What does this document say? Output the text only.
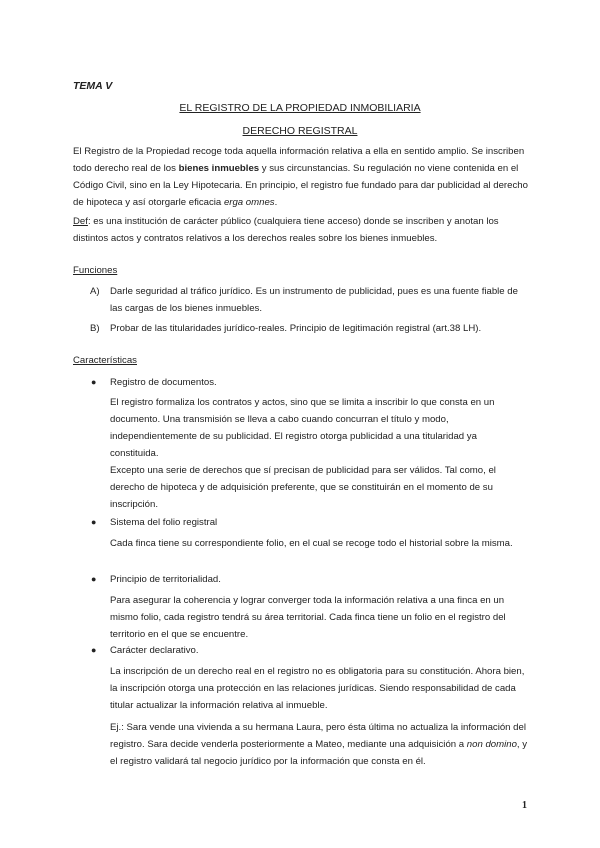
TEMA V
EL REGISTRO DE LA PROPIEDAD INMOBILIARIA
DERECHO REGISTRAL
El Registro de la Propiedad recoge toda aquella información relativa a ella en sentido amplio. Se inscriben todo derecho real de los bienes inmuebles y sus circunstancias. Su regulación no viene contenida en el Código Civil, sino en la Ley Hipotecaria. En principio, el registro fue fundado para dar publicidad al derecho de hipoteca y así otorgarle eficacia erga omnes.
Def: es una institución de carácter público (cualquiera tiene acceso) donde se inscriben y anotan los distintos actos y contratos relativos a los derechos reales sobre los bienes inmuebles.
Funciones
A) Darle seguridad al tráfico jurídico. Es un instrumento de publicidad, pues es una fuente fiable de las cargas de los bienes inmuebles.
B) Probar de las titularidades jurídico-reales. Principio de legitimación registral (art.38 LH).
Características
● Registro de documentos.
El registro formaliza los contratos y actos, sino que se limita a inscribir lo que consta en un documento. Una transmisión se lleva a cabo cuando concurran el título y modo, independientemente de su publicidad. El registro otorga publicidad a una titularidad ya constituida.
Excepto una serie de derechos que sí precisan de publicidad para ser válidos. Tal como, el derecho de hipoteca y de adquisición preferente, que se constituirán en el momento de su inscripción.
● Sistema del folio registral
Cada finca tiene su correspondiente folio, en el cual se recoge todo el historial sobre la misma.
● Principio de territorialidad.
Para asegurar la coherencia y lograr converger toda la información relativa a una finca en un mismo folio, cada registro tendrá su área territorial. Cada finca tiene un folio en el registro del territorio en el que se encuentre.
● Carácter declarativo.
La inscripción de un derecho real en el registro no es obligatoria para su constitución. Ahora bien, la inscripción otorga una protección en las relaciones jurídicas. Siendo responsabilidad de cada titular actualizar la información relativa al inmueble.
Ej.: Sara vende una vivienda a su hermana Laura, pero ésta última no actualiza la información del registro. Sara decide venderla posteriormente a Mateo, mediante una adquisición a non domino, y el registro validará tal negocio jurídico por la información que consta en él.
1
